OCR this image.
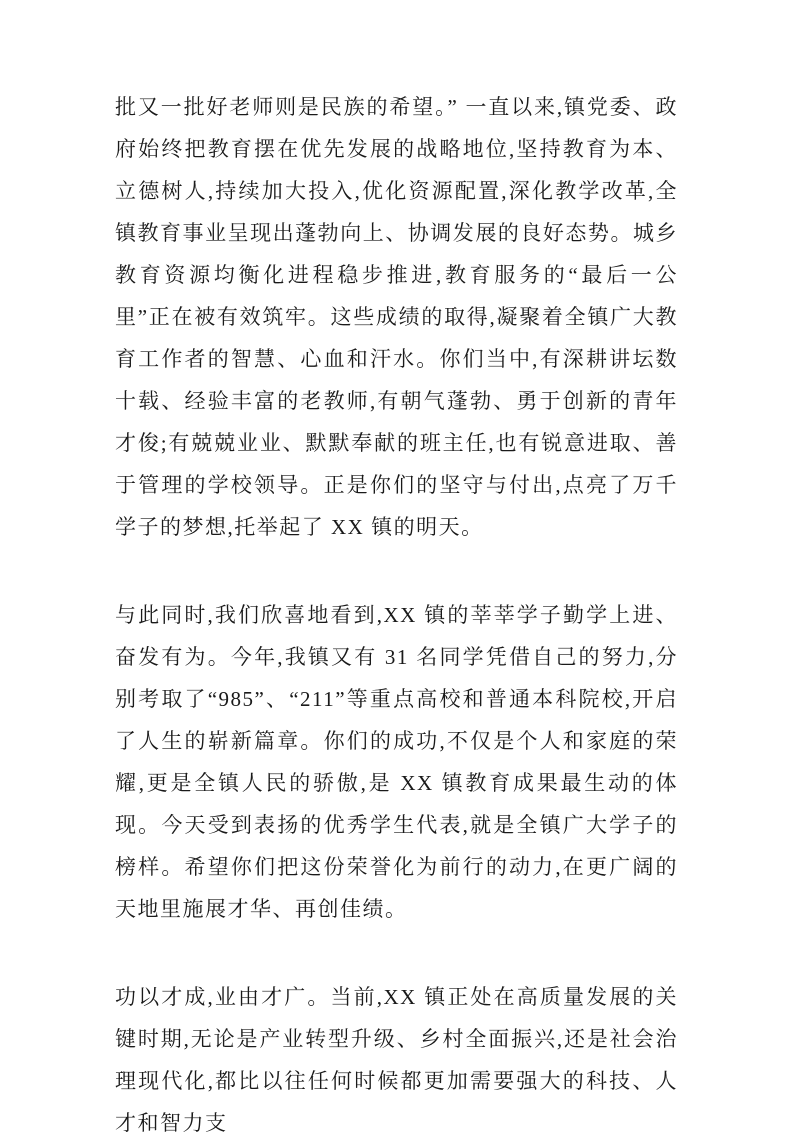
批又一批好老师则是民族的希望。” 一直以来,镇党委、政府始终把教育摆在优先发展的战略地位,坚持教育为本、立德树人,持续加大投入,优化资源配置,深化教学改革,全镇教育事业呈现出蓬勃向上、协调发展的良好态势。城乡教育资源均衡化进程稳步推进,教育服务的“最后一公里”正在被有效筑牢。这些成绩的取得,凝聚着全镇广大教育工作者的智慧、心血和汗水。你们当中,有深耕讲坛数十载、经验丰富的老教师,有朝气蓬勃、勇于创新的青年才俊;有兢兢业业、默默奉献的班主任,也有锐意进取、善于管理的学校领导。正是你们的坚守与付出,点亮了万千学子的梦想,托举起了 XX 镇的明天。

与此同时,我们欣喜地看到,XX 镇的莘莘学子勤学上进、奋发有为。今年,我镇又有 31 名同学凭借自己的努力,分别考取了“985”、“211”等重点高校和普通本科院校,开启了人生的崭新篇章。你们的成功,不仅是个人和家庭的荣耀,更是全镇人民的骄傲,是 XX 镇教育成果最生动的体现。今天受到表扬的优秀学生代表,就是全镇广大学子的榜样。希望你们把这份荣誉化为前行的动力,在更广阔的天地里施展才华、再创佳绩。

功以才成,业由才广。当前,XX 镇正处在高质量发展的关键时期,无论是产业转型升级、乡村全面振兴,还是社会治理现代化,都比以往任何时候都更加需要强大的科技、人才和智力支
